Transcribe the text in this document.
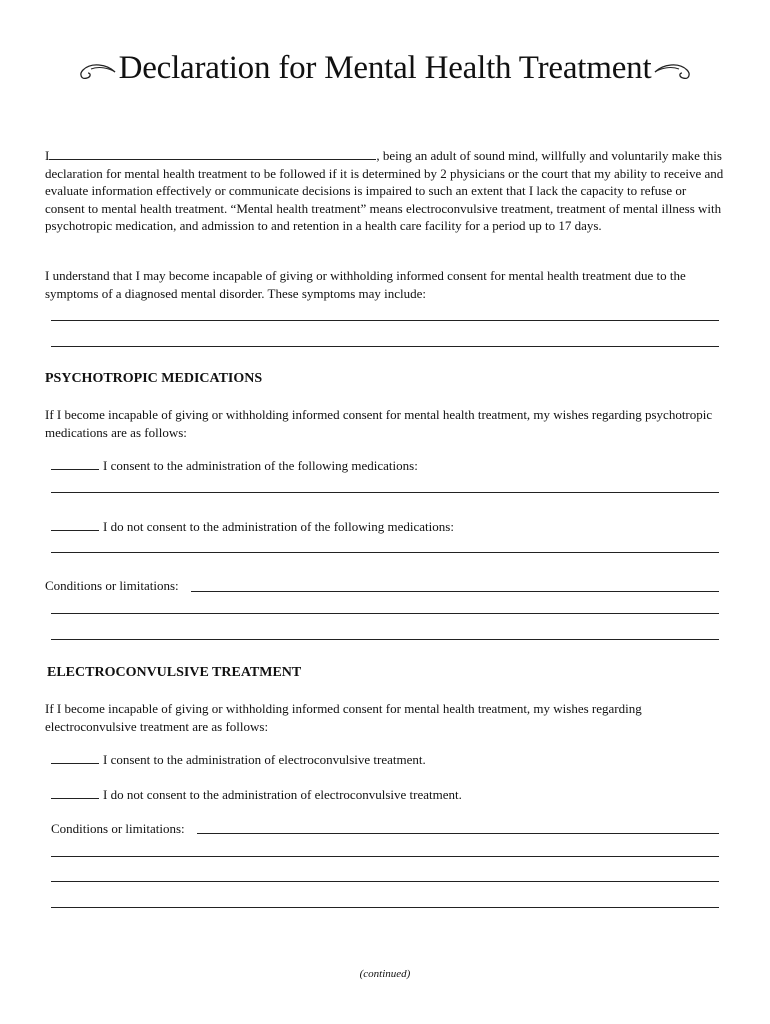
Declaration for Mental Health Treatment
I	, being an adult of sound mind, willfully and voluntarily make this declaration for mental health treatment to be followed if it is determined by 2 physicians or the court that my ability to receive and evaluate information effectively or communicate decisions is impaired to such an extent that I lack the capacity to refuse or consent to mental health treatment. “Mental health treatment” means electroconvulsive treatment, treatment of mental illness with psychotropic medication, and admission to and retention in a health care facility for a period up to 17 days.
I understand that I may become incapable of giving or withholding informed consent for mental health treatment due to the symptoms of a diagnosed mental disorder. These symptoms may include:
PSYCHOTROPIC MEDICATIONS
If I become incapable of giving or withholding informed consent for mental health treatment, my wishes regarding psychotropic medications are as follows:
I consent to the administration of the following medications:
I do not consent to the administration of the following medications:
Conditions or limitations:
ELECTROCONVULSIVE TREATMENT
If I become incapable of giving or withholding informed consent for mental health treatment, my wishes regarding electroconvulsive treatment are as follows:
I consent to the administration of electroconvulsive treatment.
I do not consent to the administration of electroconvulsive treatment.
Conditions or limitations:
(continued)
